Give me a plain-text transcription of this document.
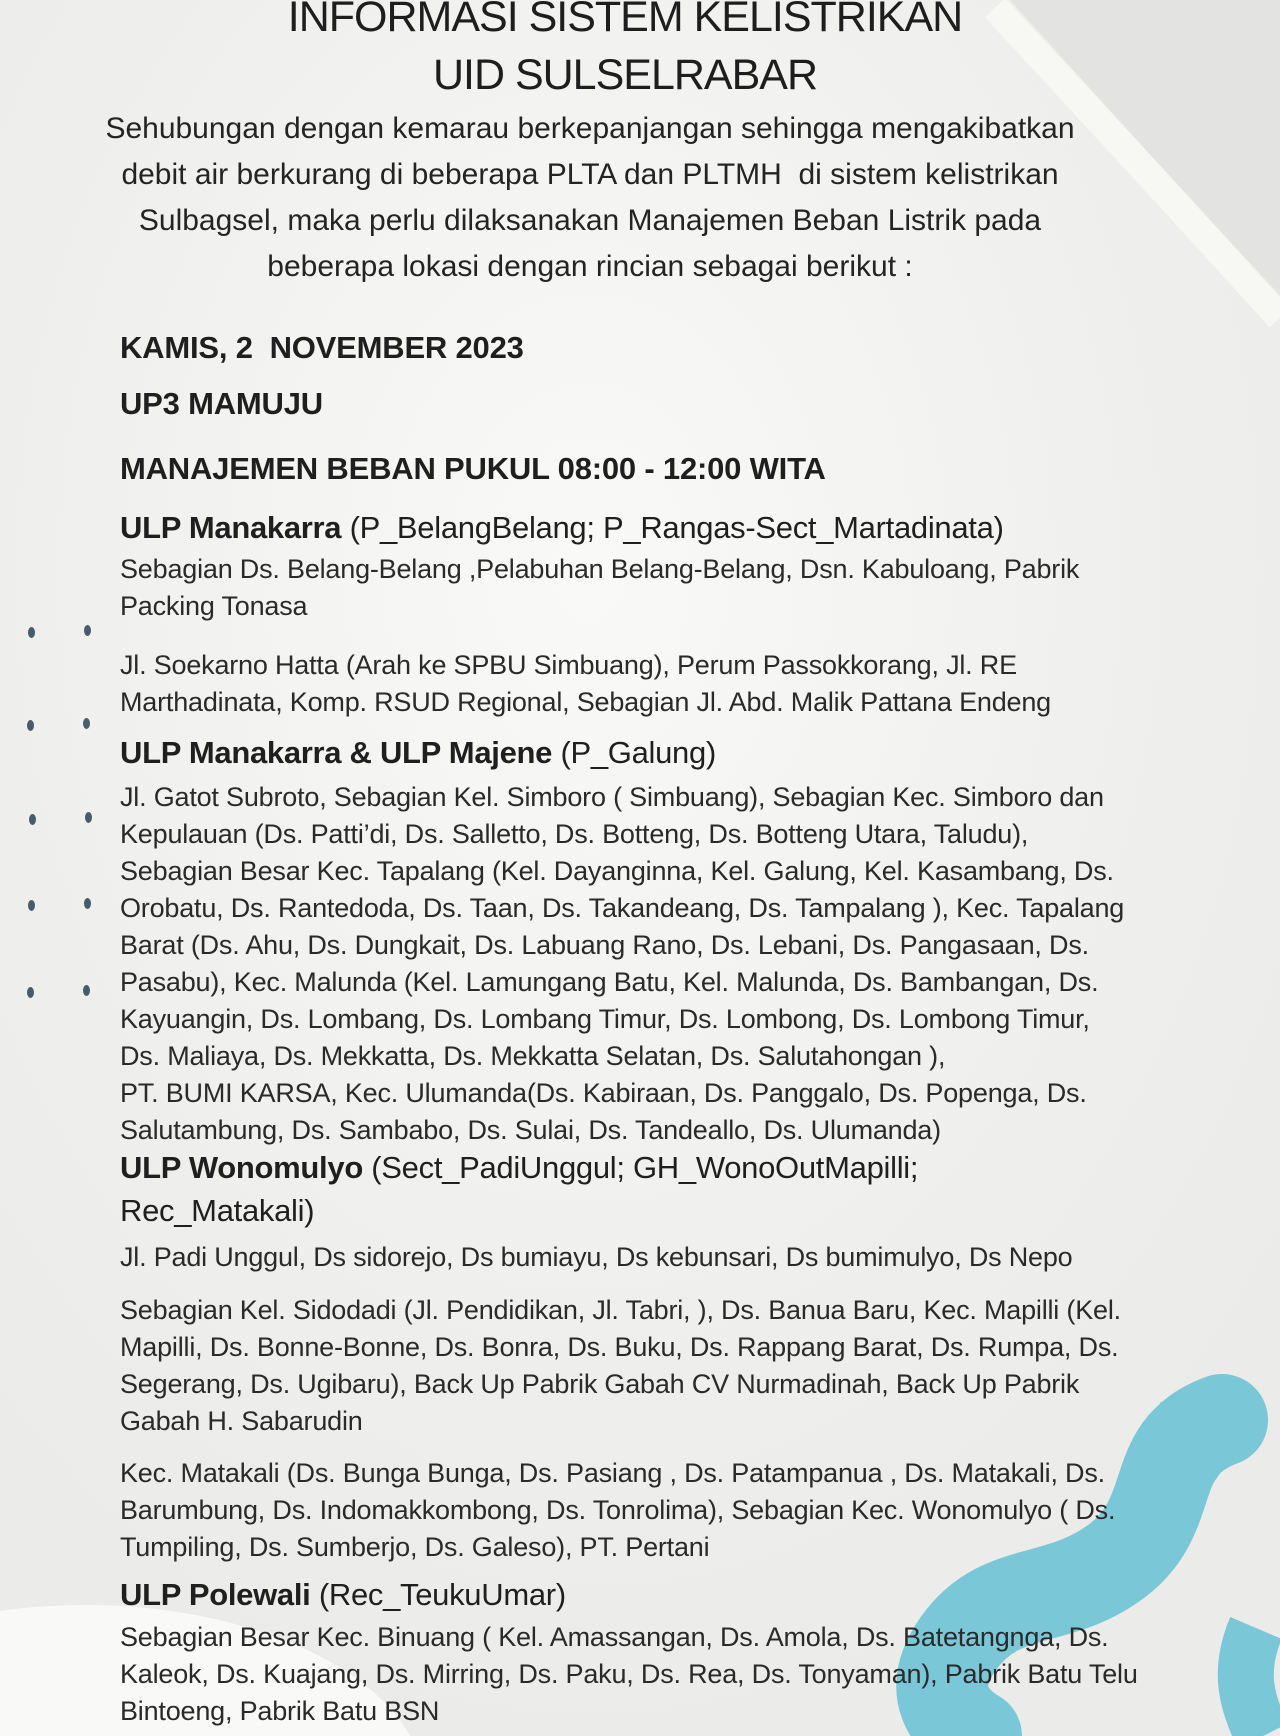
INFORMASI SISTEM KELISTRIKAN
UID SULSELRABAR
Sehubungan dengan kemarau berkepanjangan sehingga mengakibatkan
debit air berkurang di beberapa PLTA dan PLTMH  di sistem kelistrikan
Sulbagsel, maka perlu dilaksanakan Manajemen Beban Listrik pada
beberapa lokasi dengan rincian sebagai berikut :
KAMIS, 2  NOVEMBER 2023
UP3 MAMUJU
MANAJEMEN BEBAN PUKUL 08:00 - 12:00 WITA
ULP Manakarra (P_BelangBelang; P_Rangas-Sect_Martadinata)
Sebagian Ds. Belang-Belang ,Pelabuhan Belang-Belang, Dsn. Kabuloang, Pabrik
Packing Tonasa
Jl. Soekarno Hatta (Arah ke SPBU Simbuang), Perum Passokkorang, Jl. RE
Marthadinata, Komp. RSUD Regional, Sebagian Jl. Abd. Malik Pattana Endeng
ULP Manakarra & ULP Majene (P_Galung)
Jl. Gatot Subroto, Sebagian Kel. Simboro ( Simbuang), Sebagian Kec. Simboro dan
Kepulauan (Ds. Patti’di, Ds. Salletto, Ds. Botteng, Ds. Botteng Utara, Taludu),
Sebagian Besar Kec. Tapalang (Kel. Dayanginna, Kel. Galung, Kel. Kasambang, Ds.
Orobatu, Ds. Rantedoda, Ds. Taan, Ds. Takandeang, Ds. Tampalang ), Kec. Tapalang
Barat (Ds. Ahu, Ds. Dungkait, Ds. Labuang Rano, Ds. Lebani, Ds. Pangasaan, Ds.
Pasabu), Kec. Malunda (Kel. Lamungang Batu, Kel. Malunda, Ds. Bambangan, Ds.
Kayuangin, Ds. Lombang, Ds. Lombang Timur, Ds. Lombong, Ds. Lombong Timur,
Ds. Maliaya, Ds. Mekkatta, Ds. Mekkatta Selatan, Ds. Salutahongan ),
PT. BUMI KARSA, Kec. Ulumanda(Ds. Kabiraan, Ds. Panggalo, Ds. Popenga, Ds.
Salutambung, Ds. Sambabo, Ds. Sulai, Ds. Tandeallo, Ds. Ulumanda)
ULP Wonomulyo (Sect_PadiUnggul; GH_WonoOutMapilli;
Rec_Matakali)
Jl. Padi Unggul, Ds sidorejo, Ds bumiayu, Ds kebunsari, Ds bumimulyo, Ds Nepo
Sebagian Kel. Sidodadi (Jl. Pendidikan, Jl. Tabri, ), Ds. Banua Baru, Kec. Mapilli (Kel.
Mapilli, Ds. Bonne-Bonne, Ds. Bonra, Ds. Buku, Ds. Rappang Barat, Ds. Rumpa, Ds.
Segerang, Ds. Ugibaru), Back Up Pabrik Gabah CV Nurmadinah, Back Up Pabrik
Gabah H. Sabarudin
Kec. Matakali (Ds. Bunga Bunga, Ds. Pasiang , Ds. Patampanua , Ds. Matakali, Ds.
Barumbung, Ds. Indomakkombong, Ds. Tonrolima), Sebagian Kec. Wonomulyo ( Ds.
Tumpiling, Ds. Sumberjo, Ds. Galeso), PT. Pertani
ULP Polewali (Rec_TeukuUmar)
Sebagian Besar Kec. Binuang ( Kel. Amassangan, Ds. Amola, Ds. Batetangnga, Ds.
Kaleok, Ds. Kuajang, Ds. Mirring, Ds. Paku, Ds. Rea, Ds. Tonyaman), Pabrik Batu Telu
Bintoeng, Pabrik Batu BSN
